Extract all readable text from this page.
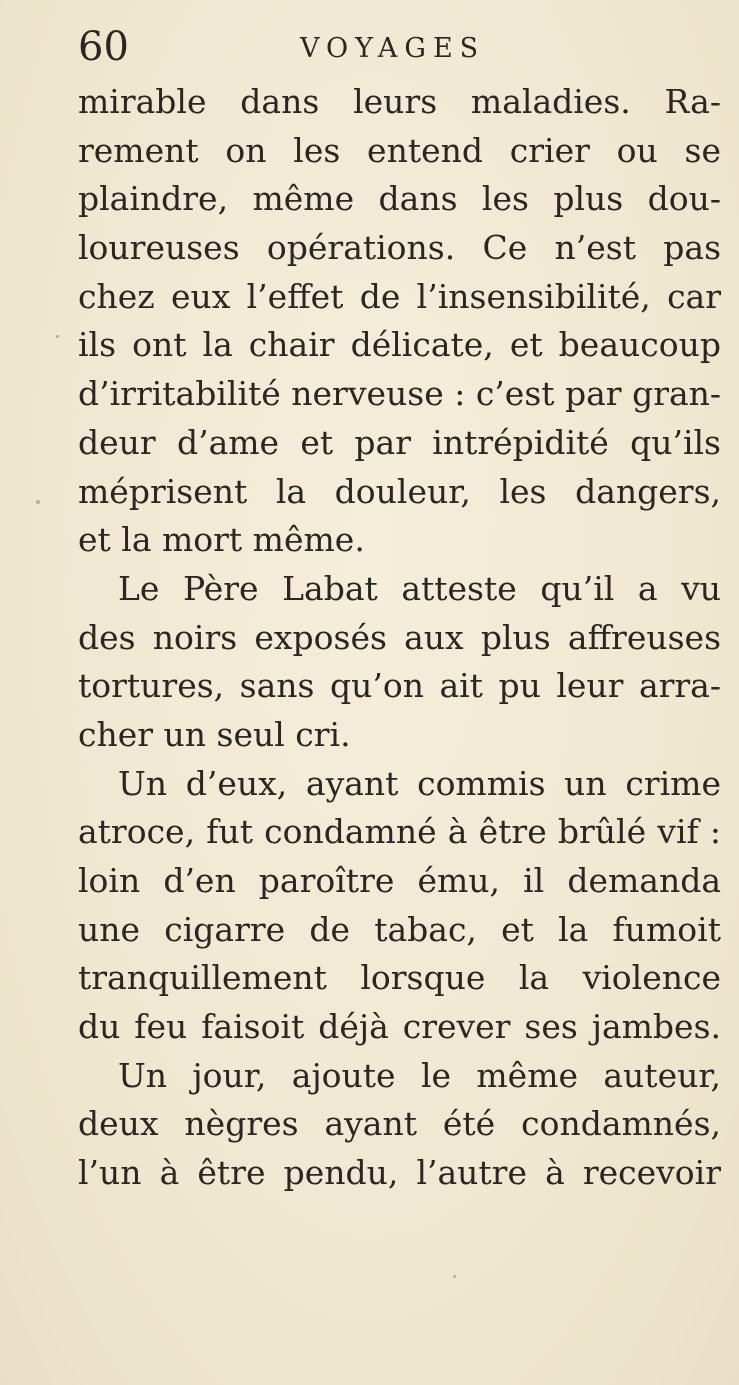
60	VOYAGES
mirable dans leurs maladies. Ra-
rement on les entend crier ou se
plaindre, même dans les plus dou-
loureuses opérations. Ce n’est pas
chez eux l’effet de l’insensibilité, car
ils ont la chair délicate, et beaucoup
d’irritabilité nerveuse : c’est par gran-
deur d’ame et par intrépidité qu’ils
méprisent la douleur, les dangers,
et la mort même.
Le Père Labat atteste qu’il a vu
des noirs exposés aux plus affreuses
tortures, sans qu’on ait pu leur arra-
cher un seul cri.
Un d’eux, ayant commis un crime
atroce, fut condamné à être brûlé vif :
loin d’en paroître ému, il demanda
une cigarre de tabac, et la fumoit
tranquillement lorsque la violence
du feu faisoit déjà crever ses jambes.
Un jour, ajoute le même auteur,
deux nègres ayant été condamnés,
l’un à être pendu, l’autre à recevoir
